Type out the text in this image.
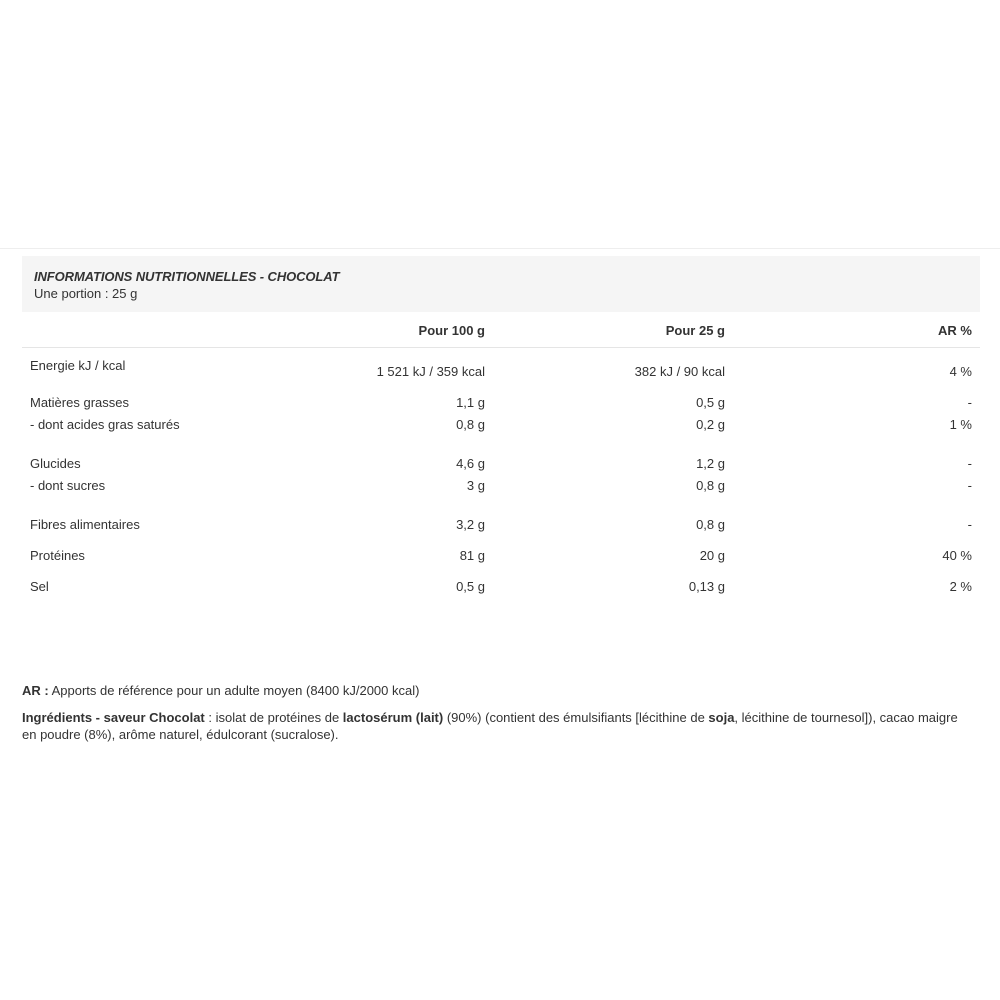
INFORMATIONS NUTRITIONNELLES - CHOCOLAT
Une portion : 25 g
	Pour 100 g	Pour 25 g	AR %
Energie kJ / kcal	1 521 kJ / 359 kcal	382 kJ / 90 kcal	4 %
Matières grasses	1,1 g	0,5 g	-
- dont acides gras saturés	0,8 g	0,2 g	1 %
Glucides	4,6 g	1,2 g	-
- dont sucres	3 g	0,8 g	-
Fibres alimentaires	3,2 g	0,8 g	-
Protéines	81 g	20 g	40 %
Sel	0,5 g	0,13 g	2 %

AR : Apports de référence pour un adulte moyen (8400 kJ/2000 kcal)

Ingrédients - saveur Chocolat : isolat de protéines de lactosérum (lait) (90%) (contient des émulsifiants [lécithine de soja, lécithine de tournesol]), cacao maigre en poudre (8%), arôme naturel, édulcorant (sucralose).
